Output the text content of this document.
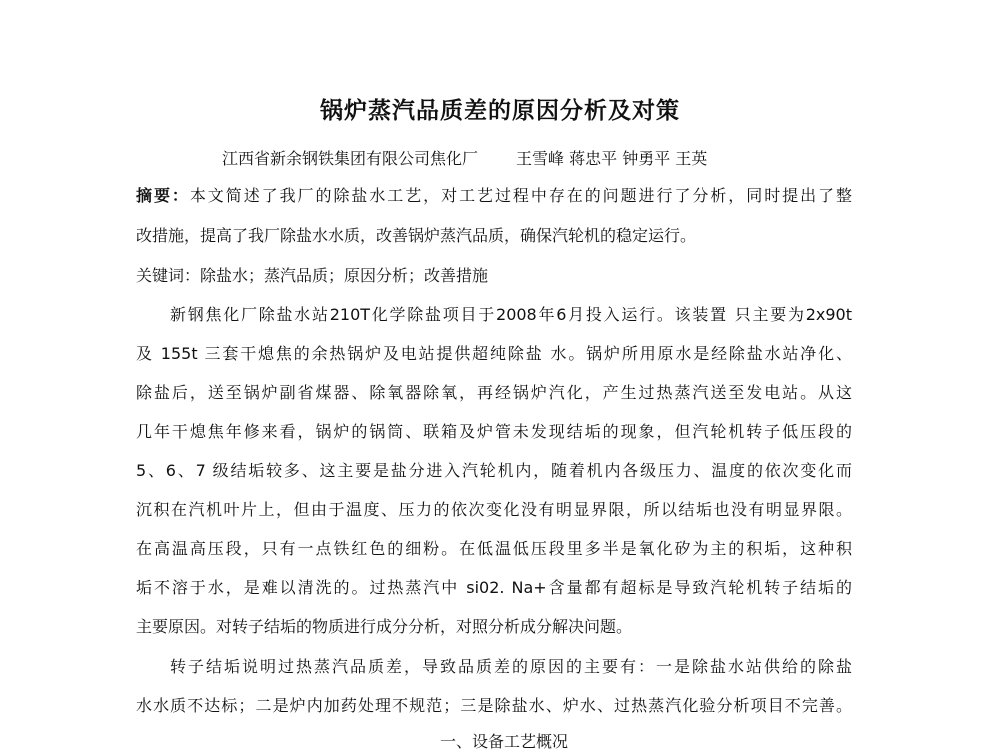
锅炉蒸汽品质差的原因分析及对策
江西省新余钢铁集团有限公司焦化厂 王雪峰 蒋忠平 钟勇平 王英
摘要：本文简述了我厂的除盐水工艺，对工艺过程中存在的问题进行了分析，同时提出了整
改措施，提高了我厂除盐水水质，改善锅炉蒸汽品质，确保汽轮机的稳定运行。
关键词：除盐水；蒸汽品质；原因分析；改善措施
新钢焦化厂除盐水站210T化学除盐项目于2008年6月投入运行。该装置 只主要为2x90t
及 155t 三套干熄焦的余热锅炉及电站提供超纯除盐 水。锅炉所用原水是经除盐水站净化、
除盐后，送至锅炉副省煤器、除氧器除氧，再经锅炉汽化，产生过热蒸汽送至发电站。从这
几年干熄焦年修来看，锅炉的锅筒、联箱及炉管未发现结垢的现象，但汽轮机转子低压段的
5、6、7 级结垢较多、这主要是盐分进入汽轮机内，随着机内各级压力、温度的依次变化而
沉积在汽机叶片上，但由于温度、压力的依次变化没有明显界限，所以结垢也没有明显界限。
在高温高压段，只有一点铁红色的细粉。在低温低压段里多半是氧化矽为主的积垢，这种积
垢不溶于水，是难以清洗的。过热蒸汽中 si02. Na+含量都有超标是导致汽轮机转子结垢的
主要原因。对转子结垢的物质进行成分分析，对照分析成分解决问题。
转子结垢说明过热蒸汽品质差，导致品质差的原因的主要有：一是除盐水站供给的除盐
水水质不达标；二是炉内加药处理不规范；三是除盐水、炉水、过热蒸汽化验分析项目不完善。
一、设备工艺概况
